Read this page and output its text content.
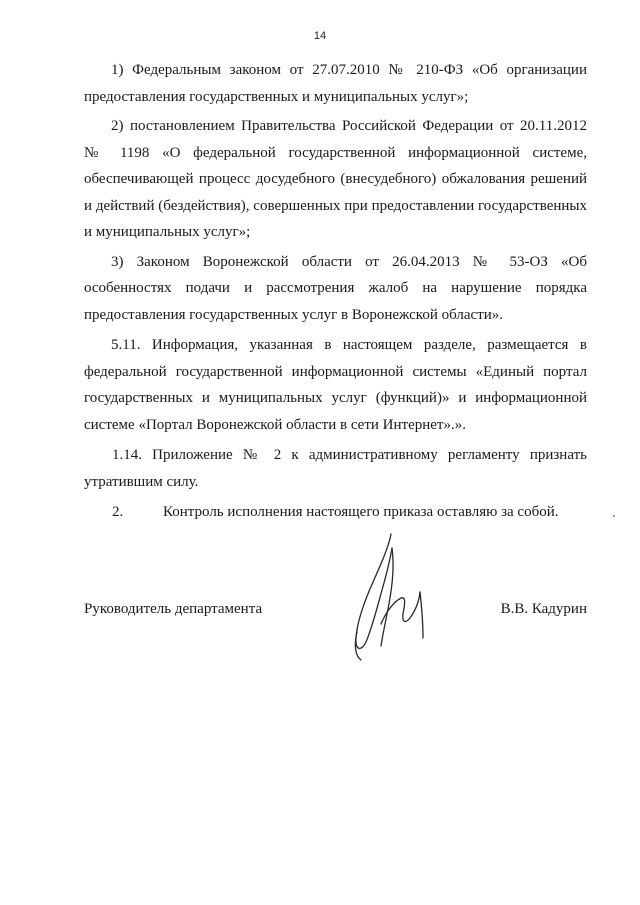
14

1) Федеральным законом от 27.07.2010 № 210-ФЗ «Об организации предоставления государственных и муниципальных услуг»;

2) постановлением Правительства Российской Федерации от 20.11.2012 № 1198 «О федеральной государственной информационной системе, обеспечивающей процесс досудебного (внесудебного) обжалования решений и действий (бездействия), совершенных при предоставлении государственных и муниципальных услуг»;

3) Законом Воронежской области от 26.04.2013 № 53-ОЗ «Об особенностях подачи и рассмотрения жалоб на нарушение порядка предоставления государственных услуг в Воронежской области».

5.11. Информация, указанная в настоящем разделе, размещается в федеральной государственной информационной системы «Единый портал государственных и муниципальных услуг (функций)» и информационной системе «Портал Воронежской области в сети Интернет».».

1.14. Приложение № 2 к административному регламенту признать утратившим силу.

2.	Контроль исполнения настоящего приказа оставляю за собой.
Руководитель департамента	В.В. Кадурин
